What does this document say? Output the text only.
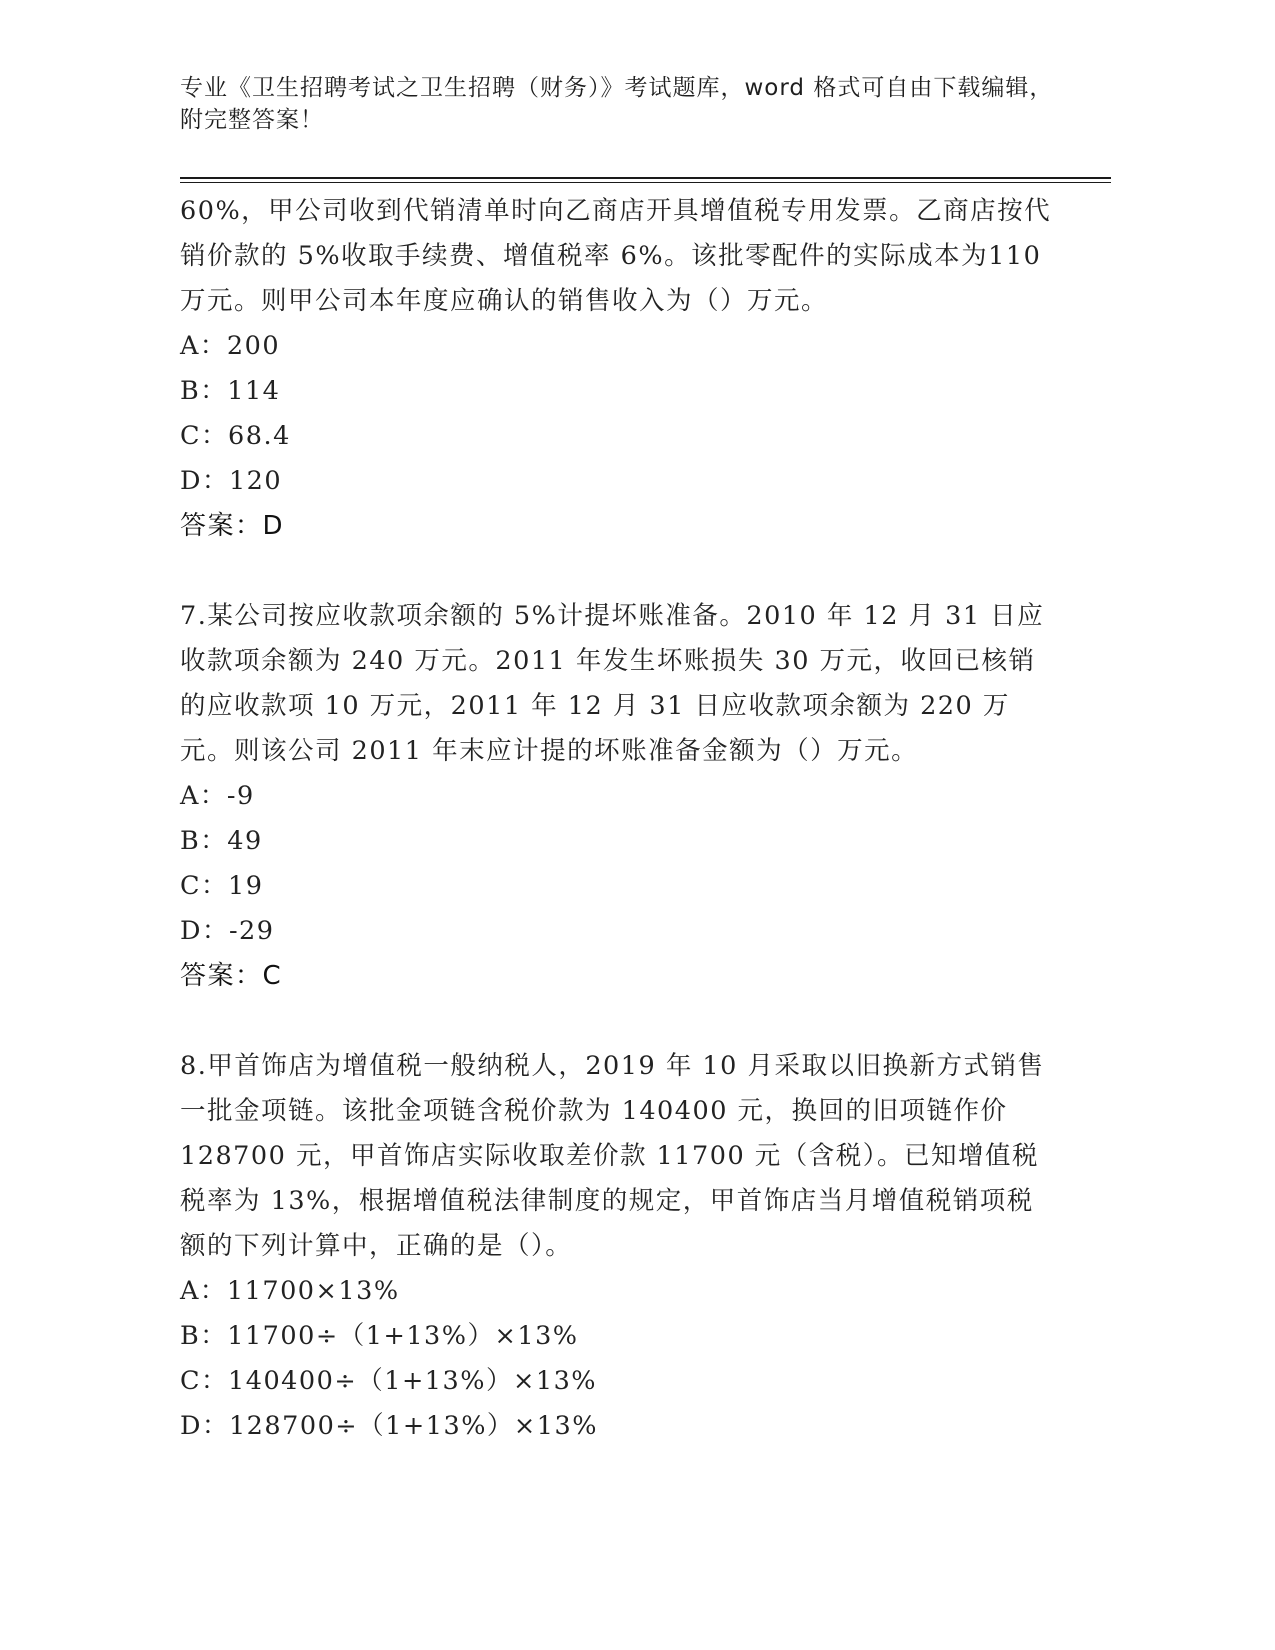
专业《卫生招聘考试之卫生招聘（财务）》考试题库，word 格式可自由下载编辑，附完整答案！

60%，甲公司收到代销清单时向乙商店开具增值税专用发票。乙商店按代销价款的 5%收取手续费、增值税率 6%。该批零配件的实际成本为110 万元。则甲公司本年度应确认的销售收入为（）万元。

A：200

B：114

C：68.4

D：120

答案：D

7.某公司按应收款项余额的 5%计提坏账准备。2010 年 12 月 31 日应收款项余额为 240 万元。2011 年发生坏账损失 30 万元，收回已核销的应收款项 10 万元，2011 年 12 月 31 日应收款项余额为 220 万元。则该公司 2011 年末应计提的坏账准备金额为（）万元。

A：-9

B：49

C：19

D：-29

答案：C

8.甲首饰店为增值税一般纳税人，2019 年 10 月采取以旧换新方式销售一批金项链。该批金项链含税价款为 140400 元，换回的旧项链作价128700 元，甲首饰店实际收取差价款 11700 元（含税）。已知增值税税率为 13%，根据增值税法律制度的规定，甲首饰店当月增值税销项税额的下列计算中，正确的是（）。

A：11700×13%

B：11700÷（1+13%）×13%

C：140400÷（1+13%）×13%

D：128700÷（1+13%）×13%
